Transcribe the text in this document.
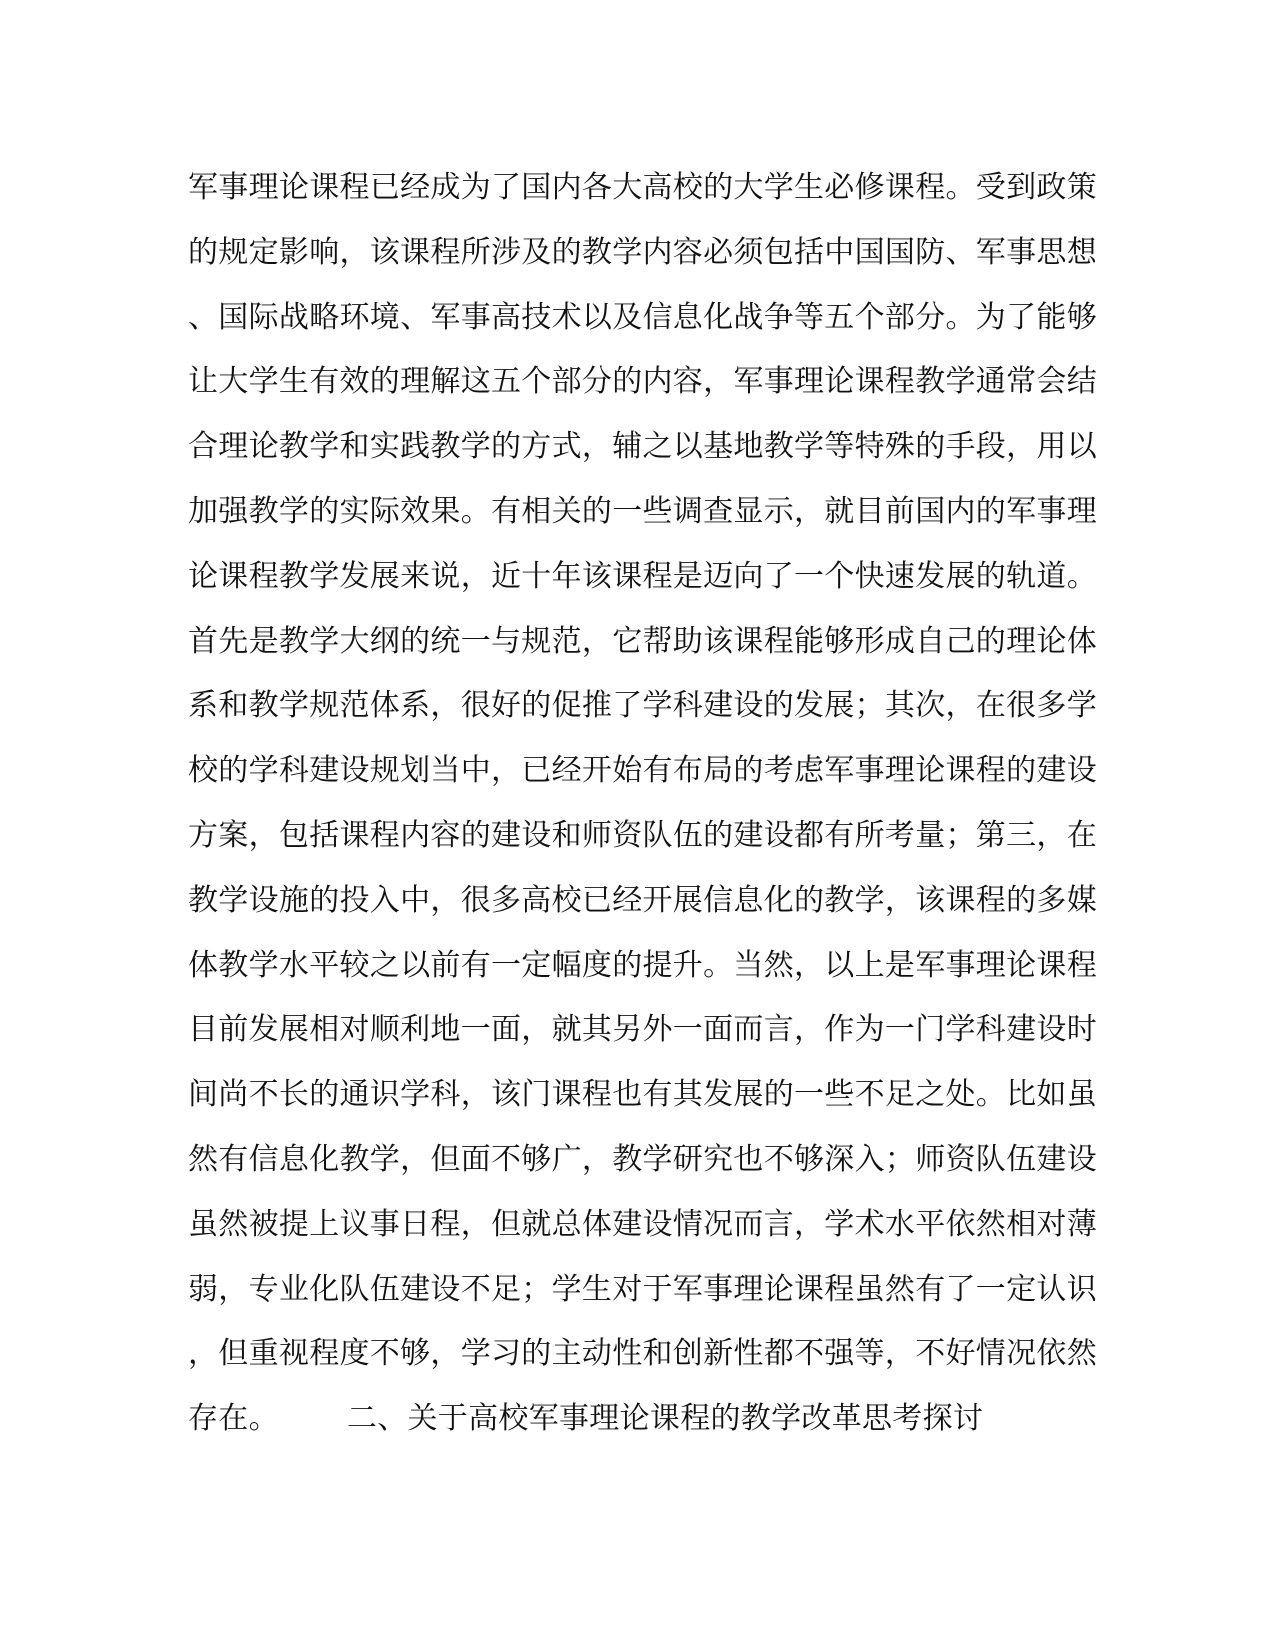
军事理论课程已经成为了国内各大高校的大学生必修课程。受到政策
的规定影响，该课程所涉及的教学内容必须包括中国国防、军事思想
、国际战略环境、军事高技术以及信息化战争等五个部分。为了能够
让大学生有效的理解这五个部分的内容，军事理论课程教学通常会结
合理论教学和实践教学的方式，辅之以基地教学等特殊的手段，用以
加强教学的实际效果。有相关的一些调查显示，就目前国内的军事理
论课程教学发展来说，近十年该课程是迈向了一个快速发展的轨道。
首先是教学大纲的统一与规范，它帮助该课程能够形成自己的理论体
系和教学规范体系，很好的促推了学科建设的发展；其次，在很多学
校的学科建设规划当中，已经开始有布局的考虑军事理论课程的建设
方案，包括课程内容的建设和师资队伍的建设都有所考量；第三，在
教学设施的投入中，很多高校已经开展信息化的教学，该课程的多媒
体教学水平较之以前有一定幅度的提升。当然，以上是军事理论课程
目前发展相对顺利地一面，就其另外一面而言，作为一门学科建设时
间尚不长的通识学科，该门课程也有其发展的一些不足之处。比如虽
然有信息化教学，但面不够广，教学研究也不够深入；师资队伍建设
虽然被提上议事日程，但就总体建设情况而言，学术水平依然相对薄
弱，专业化队伍建设不足；学生对于军事理论课程虽然有了一定认识
，但重视程度不够，学习的主动性和创新性都不强等，不好情况依然
存在。 二、关于高校军事理论课程的教学改革思考探讨
